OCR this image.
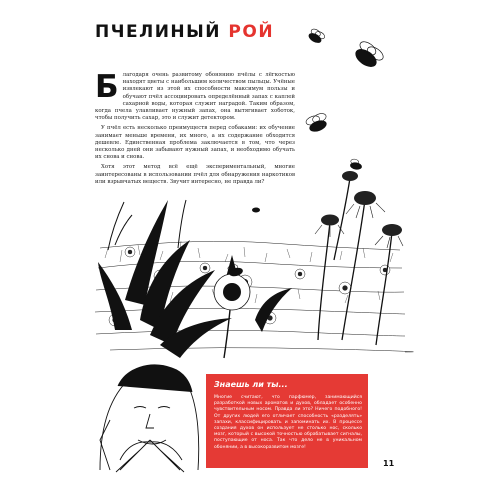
ПЧЕЛИНЫЙ РОЙ

Благодаря очень развитому обонянию пчёлы с лёгкостью находят цветы с наибольшим количеством пыльцы. Учёные извлекают из этой их способности максимум пользы и обучают пчёл ассоциировать определённый запах с каплей сахарной воды, которая служит наградой. Таким образом, когда пчела улавливает нужный запах, она вытягивает хоботок, чтобы получить сахар, это и служит детектором.

У пчёл есть несколько преимуществ перед собаками: их обучение занимает меньше времени, их много, а их содержание обходится дешевле. Единственная проблема заключается в том, что через несколько дней они забывают нужный запах, и необходимо обучать их снова и снова.

Хотя этот метод всё ещё экспериментальный, многие заинтересованы в использовании пчёл для обнаружения наркотиков или взрывчатых веществ. Звучит интересно, не правда ли?

Знаешь ли ты...
Многие считают, что парфюмер, занимающийся разработкой новых ароматов и духов, обладает особенно чувствительным носом. Правда ли это? Ничего подобного! От других людей его отличает способность «разделять» запахи, классифицировать и запоминать их. В процессе создания духов он использует не столько нос, сколько мозг, который с высокой точностью обрабатывает сигналы, поступающие от носа. Так что дело не в уникальном обонянии, а в высокоразвитом мозге!
11
